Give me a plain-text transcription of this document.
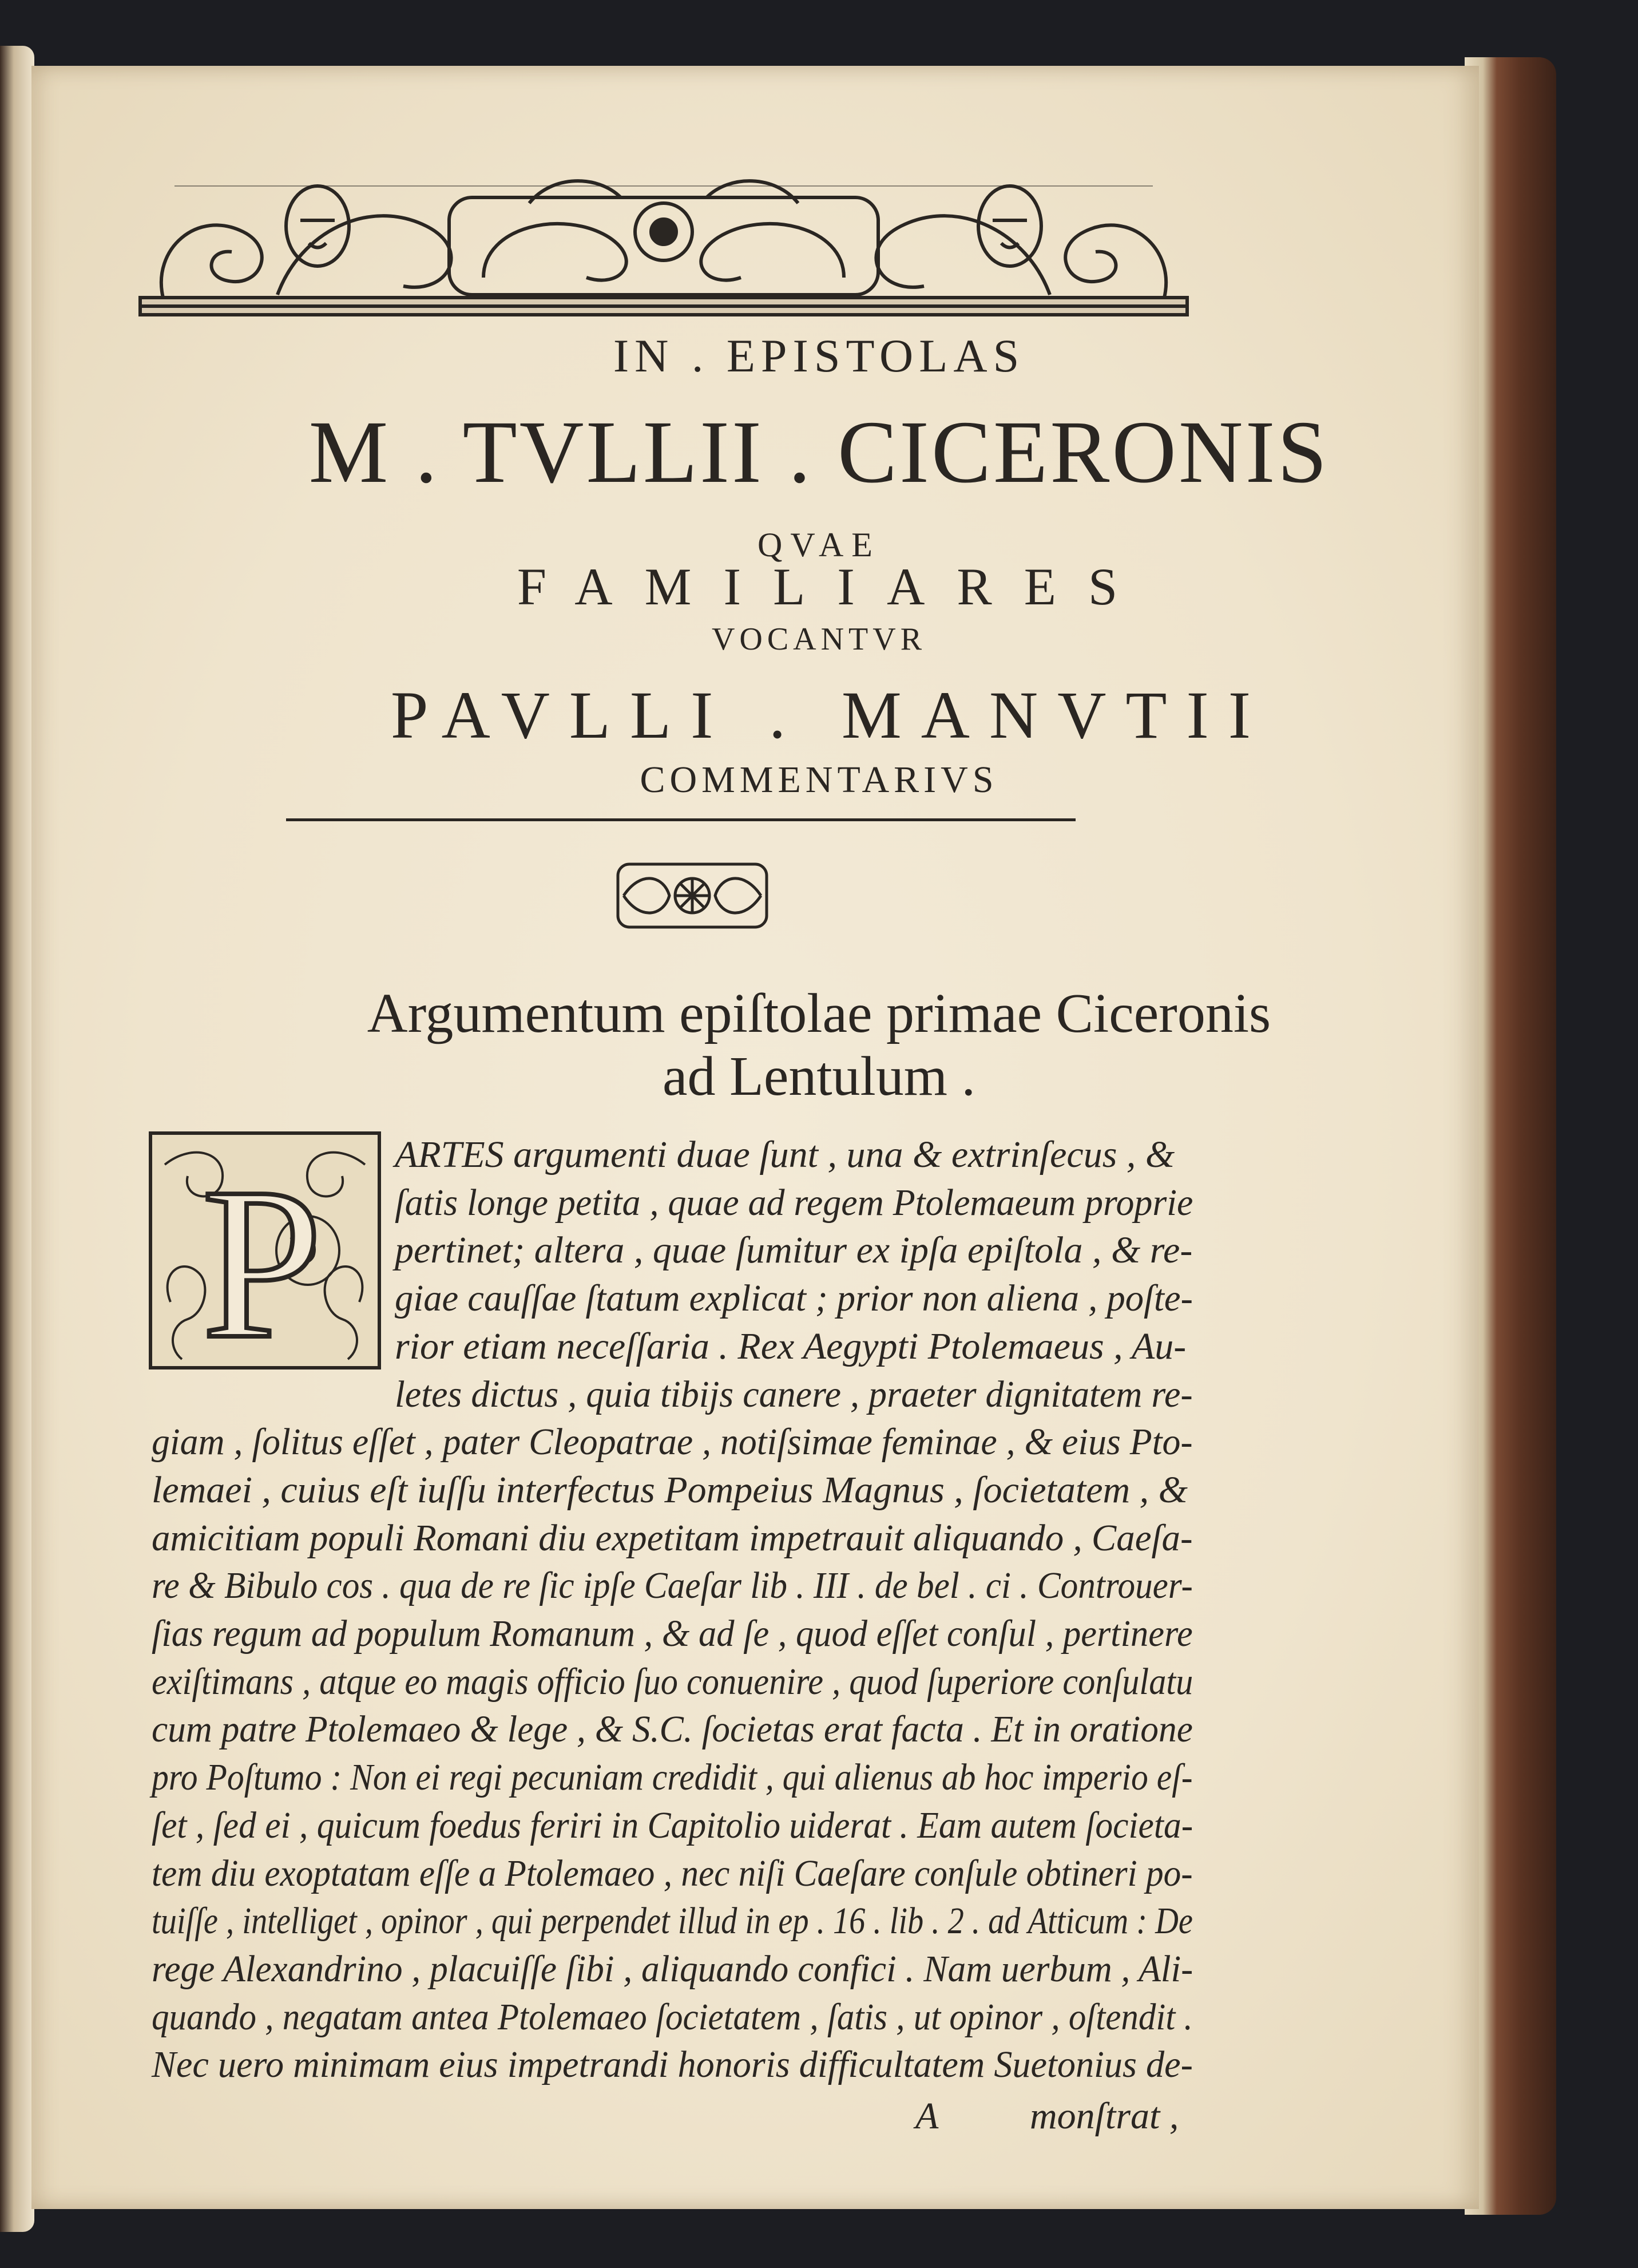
IN . EPISTOLAS
M . TVLLII . CICERONIS
QVAE
FAMILIARES
VOCANTVR
PAVLLI . MANVTII
COMMENTARIVS
Argumentum epiſtolae primae Ciceronis
ad Lentulum .
P ARTES argumenti duae ſunt , una & extrinſecus , &
ſatis longe petita , quae ad regem Ptolemaeum proprie
pertinet; altera , quae ſumitur ex ipſa epiſtola , & re-
giae cauſſae ſtatum explicat ; prior non aliena , poſte-
rior etiam neceſſaria . Rex Aegypti Ptolemaeus , Au-
letes dictus , quia tibijs canere , praeter dignitatem re-
giam , ſolitus eſſet , pater Cleopatrae , notiſsimae feminae , & eius Pto-
lemaei , cuius eſt iuſſu interfectus Pompeius Magnus , ſocietatem , &
amicitiam populi Romani diu expetitam impetrauit aliquando , Caeſa-
re & Bibulo cos . qua de re ſic ipſe Caeſar lib . III . de bel . ci . Controuer-
ſias regum ad populum Romanum , & ad ſe , quod eſſet conſul , pertinere
exiſtimans , atque eo magis officio ſuo conuenire , quod ſuperiore conſulatu
cum patre Ptolemaeo & lege , & S.C. ſocietas erat facta . Et in oratione
pro Poſtumo : Non ei regi pecuniam credidit , qui alienus ab hoc imperio eſ-
ſet , ſed ei , quicum foedus feriri in Capitolio uiderat . Eam autem ſocieta-
tem diu exoptatam eſſe a Ptolemaeo , nec niſi Caeſare conſule obtineri po-
tuiſſe , intelliget , opinor , qui perpendet illud in ep . 16 . lib . 2 . ad Atticum : De
rege Alexandrino , placuiſſe ſibi , aliquando confici . Nam uerbum , Ali-
quando , negatam antea Ptolemaeo ſocietatem , ſatis , ut opinor , oſtendit .
Nec uero minimam eius impetrandi honoris difficultatem Suetonius de-
A monſtrat ,
